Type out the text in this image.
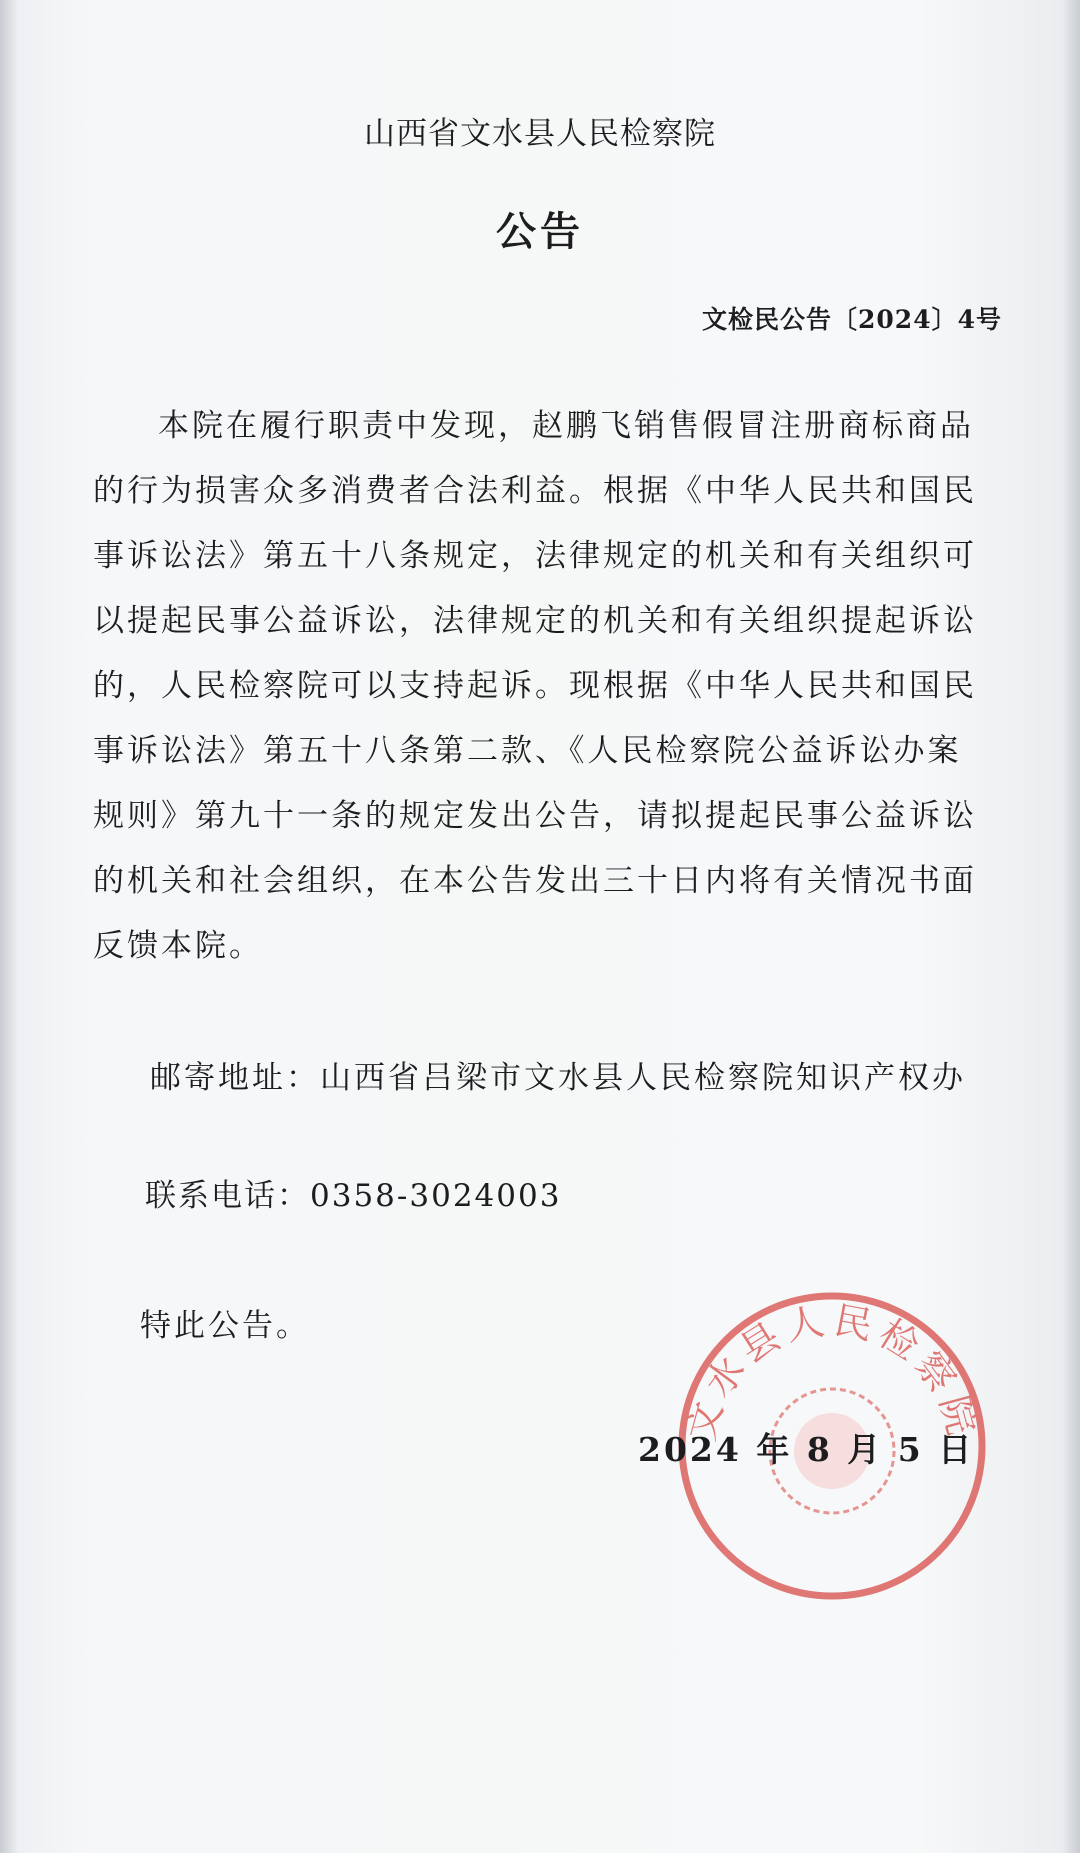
山西省文水县人民检察院
公告
文检民公告〔2024〕4号
本院在履行职责中发现，赵鹏飞销售假冒注册商标商品
的行为损害众多消费者合法利益。根据《中华人民共和国民
事诉讼法》第五十八条规定，法律规定的机关和有关组织可
以提起民事公益诉讼，法律规定的机关和有关组织提起诉讼
的，人民检察院可以支持起诉。现根据《中华人民共和国民
事诉讼法》第五十八条第二款、《人民检察院公益诉讼办案
规则》第九十一条的规定发出公告，请拟提起民事公益诉讼
的机关和社会组织，在本公告发出三十日内将有关情况书面
反馈本院。
邮寄地址：山西省吕梁市文水县人民检察院知识产权办
联系电话：0358-3024003
特此公告。
文水县人民检察院
2024 年 8 月 5 日
